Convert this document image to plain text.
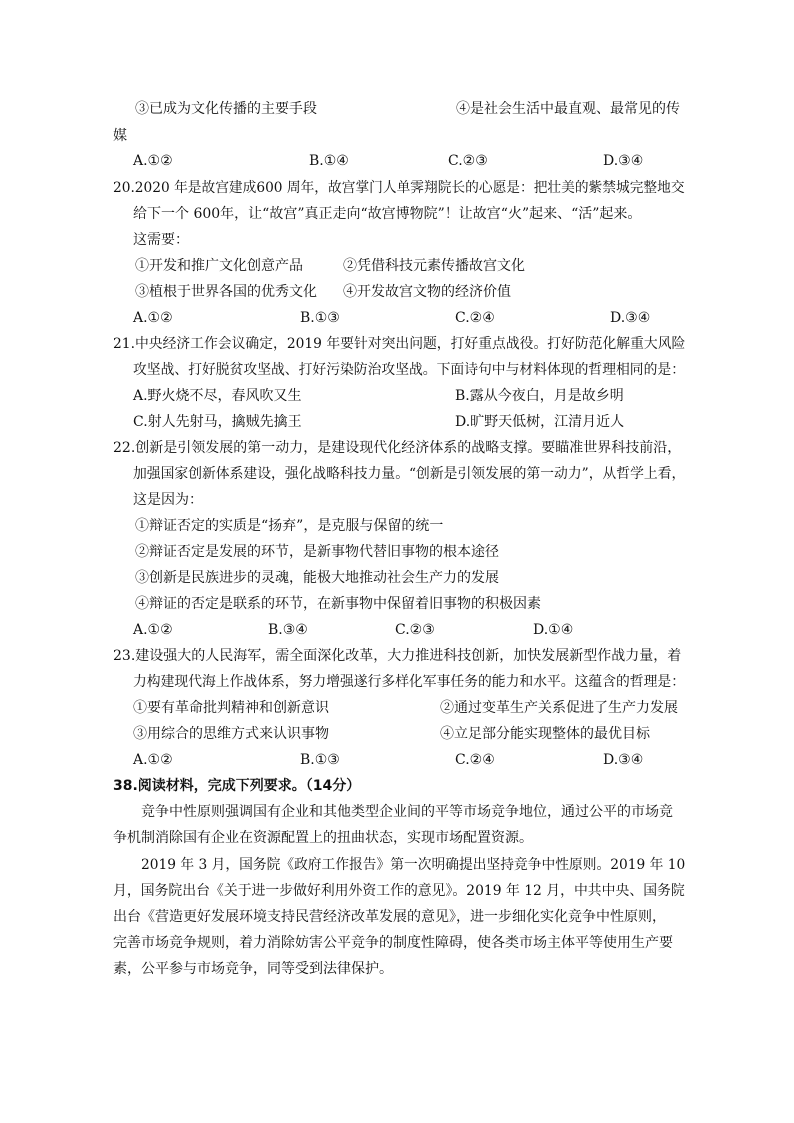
③已成为文化传播的主要手段	④是社会生活中最直观、最常见的传
媒
A.①②	B.①④	C.②③	D.③④
20.2020 年是故宫建成600 周年，故宫掌门人单霁翔院长的心愿是：把壮美的紫禁城完整地交
给下一个 600年，让“故宫”真正走向“故宫博物院”！让故宫“火”起来、“活”起来。
这需要：
①开发和推广文化创意产品	②凭借科技元素传播故宫文化
③植根于世界各国的优秀文化 ④开发故宫文物的经济价值
A.①②	B.①③	C.②④	D.③④
21.中央经济工作会议确定，2019 年要针对突出问题，打好重点战役。打好防范化解重大风险
攻坚战、打好脱贫攻坚战、打好污染防治攻坚战。下面诗句中与材料体现的哲理相同的是：
A.野火烧不尽，春风吹又生	B.露从今夜白，月是故乡明
C.射人先射马，擒贼先擒王	D.旷野天低树，江清月近人
22.创新是引领发展的第一动力，是建设现代化经济体系的战略支撑。要瞄准世界科技前沿，
加强国家创新体系建设，强化战略科技力量。“创新是引领发展的第一动力”，从哲学上看，
这是因为：
①辩证否定的实质是“扬弃”，是克服与保留的统一
②辩证否定是发展的环节，是新事物代替旧事物的根本途径
③创新是民族进步的灵魂，能极大地推动社会生产力的发展
④辩证的否定是联系的环节，在新事物中保留着旧事物的积极因素
A.①②	B.③④	C.②③	D.①④
23.建设强大的人民海军，需全面深化改革，大力推进科技创新，加快发展新型作战力量，着
力构建现代海上作战体系，努力增强遂行多样化军事任务的能力和水平。这蕴含的哲理是：
①要有革命批判精神和创新意识	②通过变革生产关系促进了生产力发展
③用综合的思维方式来认识事物	④立足部分能实现整体的最优目标
A.①②	B.①③	C.②④	D.③④
38.阅读材料，完成下列要求。（14分）
竞争中性原则强调国有企业和其他类型企业间的平等市场竞争地位，通过公平的市场竞
争机制消除国有企业在资源配置上的扭曲状态，实现市场配置资源。
2019 年 3 月，国务院《政府工作报告》第一次明确提出坚持竞争中性原则。2019 年 10
月，国务院出台《关于进一步做好利用外资工作的意见》。2019 年 12 月，中共中央、国务院
出台《营造更好发展环境支持民营经济改革发展的意见》，进一步细化实化竞争中性原则，
完善市场竞争规则，着力消除妨害公平竞争的制度性障碍，使各类市场主体平等使用生产要
素，公平参与市场竞争，同等受到法律保护。
